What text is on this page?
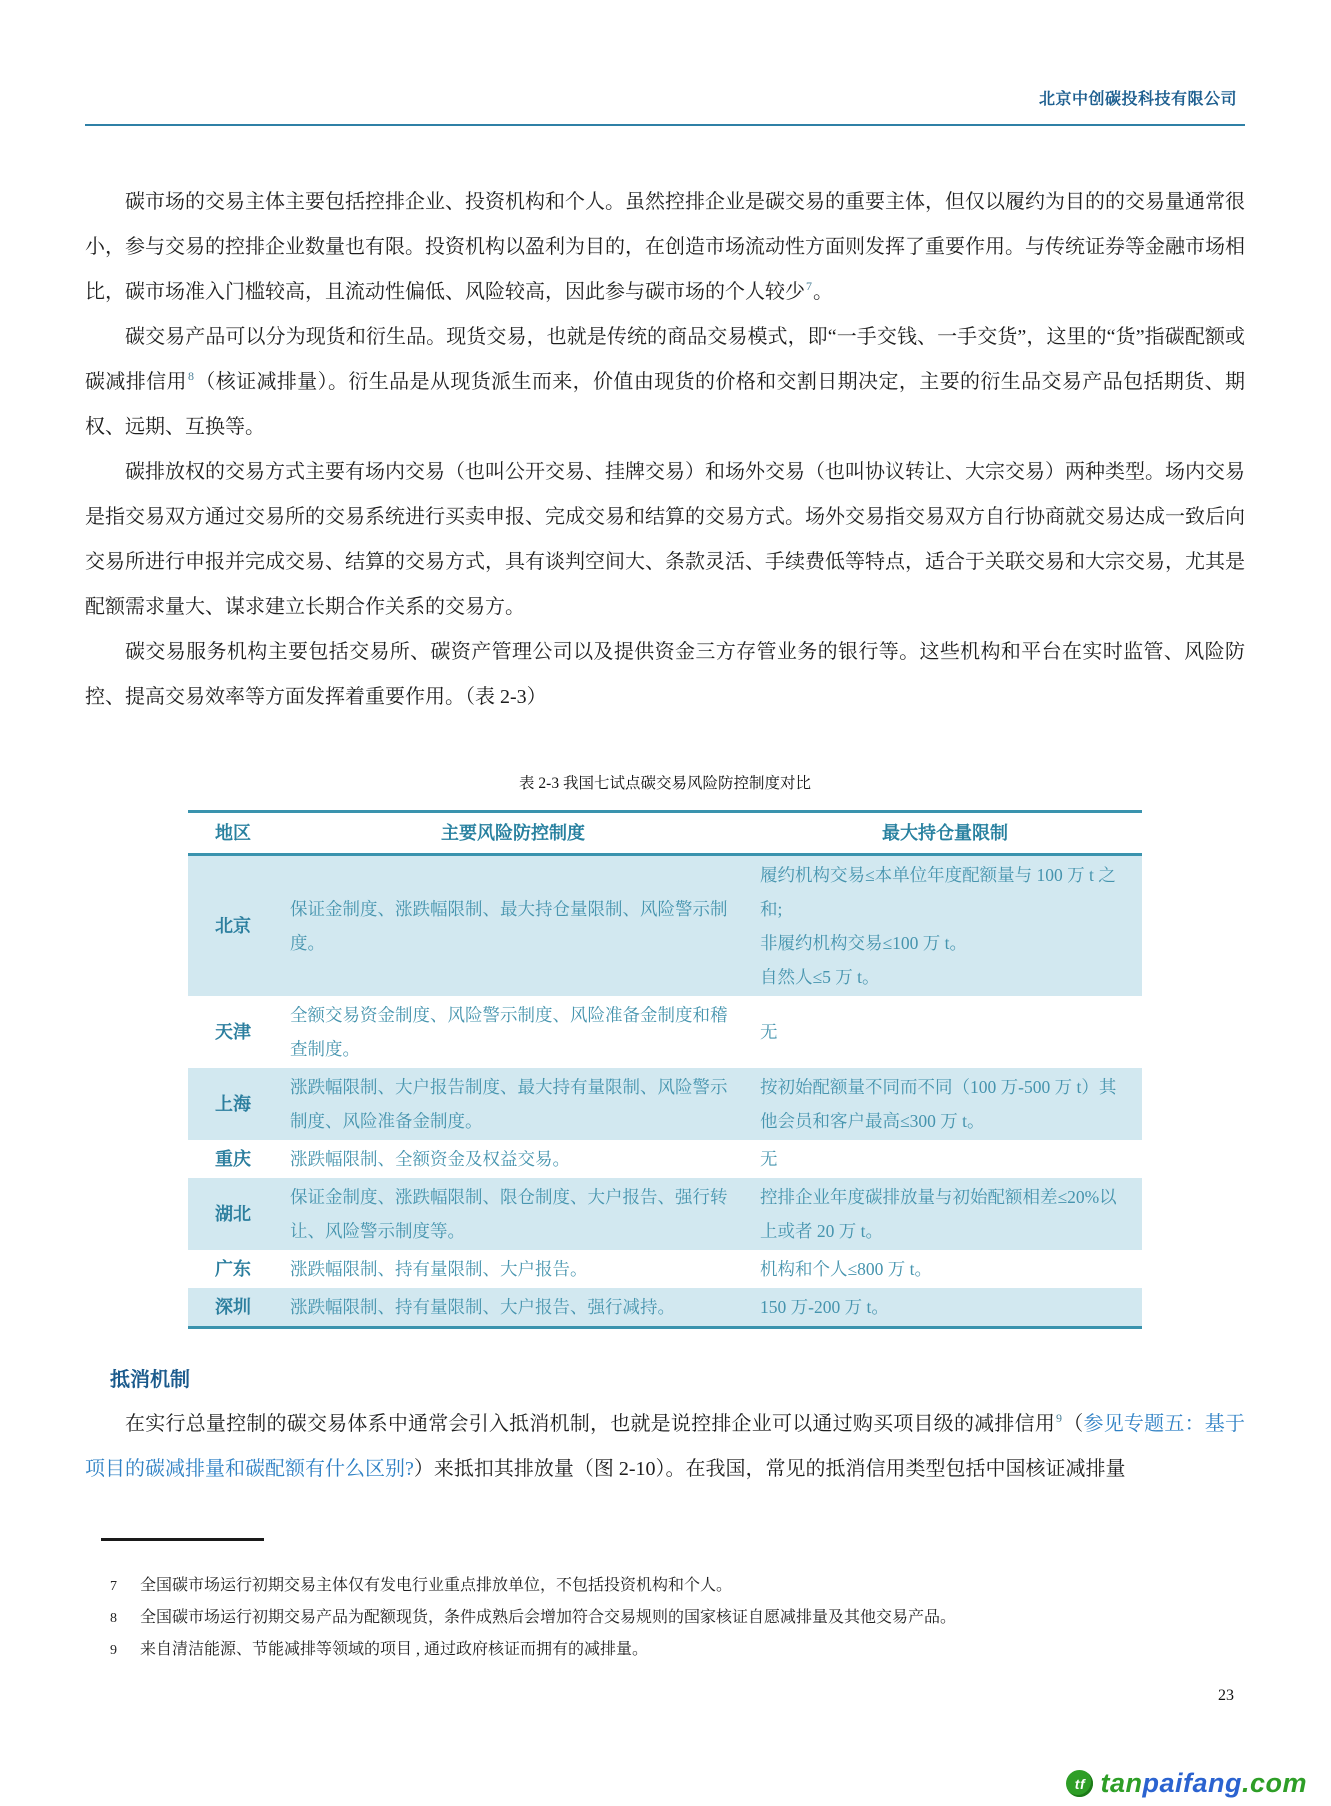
北京中创碳投科技有限公司

碳市场的交易主体主要包括控排企业、投资机构和个人。虽然控排企业是碳交易的重要主体，但仅以履约为目的的交易量通常很小，参与交易的控排企业数量也有限。投资机构以盈利为目的，在创造市场流动性方面则发挥了重要作用。与传统证券等金融市场相比，碳市场准入门槛较高，且流动性偏低、风险较高，因此参与碳市场的个人较少$^7$。

碳交易产品可以分为现货和衍生品。现货交易，也就是传统的商品交易模式，即“一手交钱、一手交货”，这里的“货”指碳配额或碳减排信用$^8$（核证减排量）。衍生品是从现货派生而来，价值由现货的价格和交割日期决定，主要的衍生品交易产品包括期货、期权、远期、互换等。

碳排放权的交易方式主要有场内交易（也叫公开交易、挂牌交易）和场外交易（也叫协议转让、大宗交易）两种类型。场内交易是指交易双方通过交易所的交易系统进行买卖申报、完成交易和结算的交易方式。场外交易指交易双方自行协商就交易达成一致后向交易所进行申报并完成交易、结算的交易方式，具有谈判空间大、条款灵活、手续费低等特点，适合于关联交易和大宗交易，尤其是配额需求量大、谋求建立长期合作关系的交易方。

碳交易服务机构主要包括交易所、碳资产管理公司以及提供资金三方存管业务的银行等。这些机构和平台在实时监管、风险防控、提高交易效率等方面发挥着重要作用。（表 2-3）

表 2-3 我国七试点碳交易风险防控制度对比
地区	主要风险防控制度	最大持仓量限制
北京	保证金制度、涨跌幅限制、最大持仓量限制、风险警示制度。	履约机构交易≤本单位年度配额量与 100 万 t 之和;
非履约机构交易≤100 万 t。
自然人≤5 万 t。

天津	全额交易资金制度、风险警示制度、风险准备金制度和稽查制度。	无

上海	涨跌幅限制、大户报告制度、最大持有量限制、风险警示制度、风险准备金制度。	按初始配额量不同而不同（100 万-500 万 t）其他会员和客户最高≤300 万 t。

重庆	涨跌幅限制、全额资金及权益交易。	无

湖北	保证金制度、涨跌幅限制、限仓制度、大户报告、强行转让、风险警示制度等。	控排企业年度碳排放量与初始配额相差≤20%以上或者 20 万 t。

广东	涨跌幅限制、持有量限制、大户报告。	机构和个人≤800 万 t。

深圳	涨跌幅限制、持有量限制、大户报告、强行减持。	150 万-200 万 t。
抵消机制

在实行总量控制的碳交易体系中通常会引入抵消机制，也就是说控排企业可以通过购买项目级的减排信用$^9$（参见专题五：基于项目的碳减排量和碳配额有什么区别?）来抵扣其排放量（图 2-10）。在我国，常见的抵消信用类型包括中国核证减排量

7 全国碳市场运行初期交易主体仅有发电行业重点排放单位，不包括投资机构和个人。
8 全国碳市场运行初期交易产品为配额现货，条件成熟后会增加符合交易规则的国家核证自愿减排量及其他交易产品。
9 来自清洁能源、节能减排等领域的项目 , 通过政府核证而拥有的减排量。
23
tf tanpaifang.com
